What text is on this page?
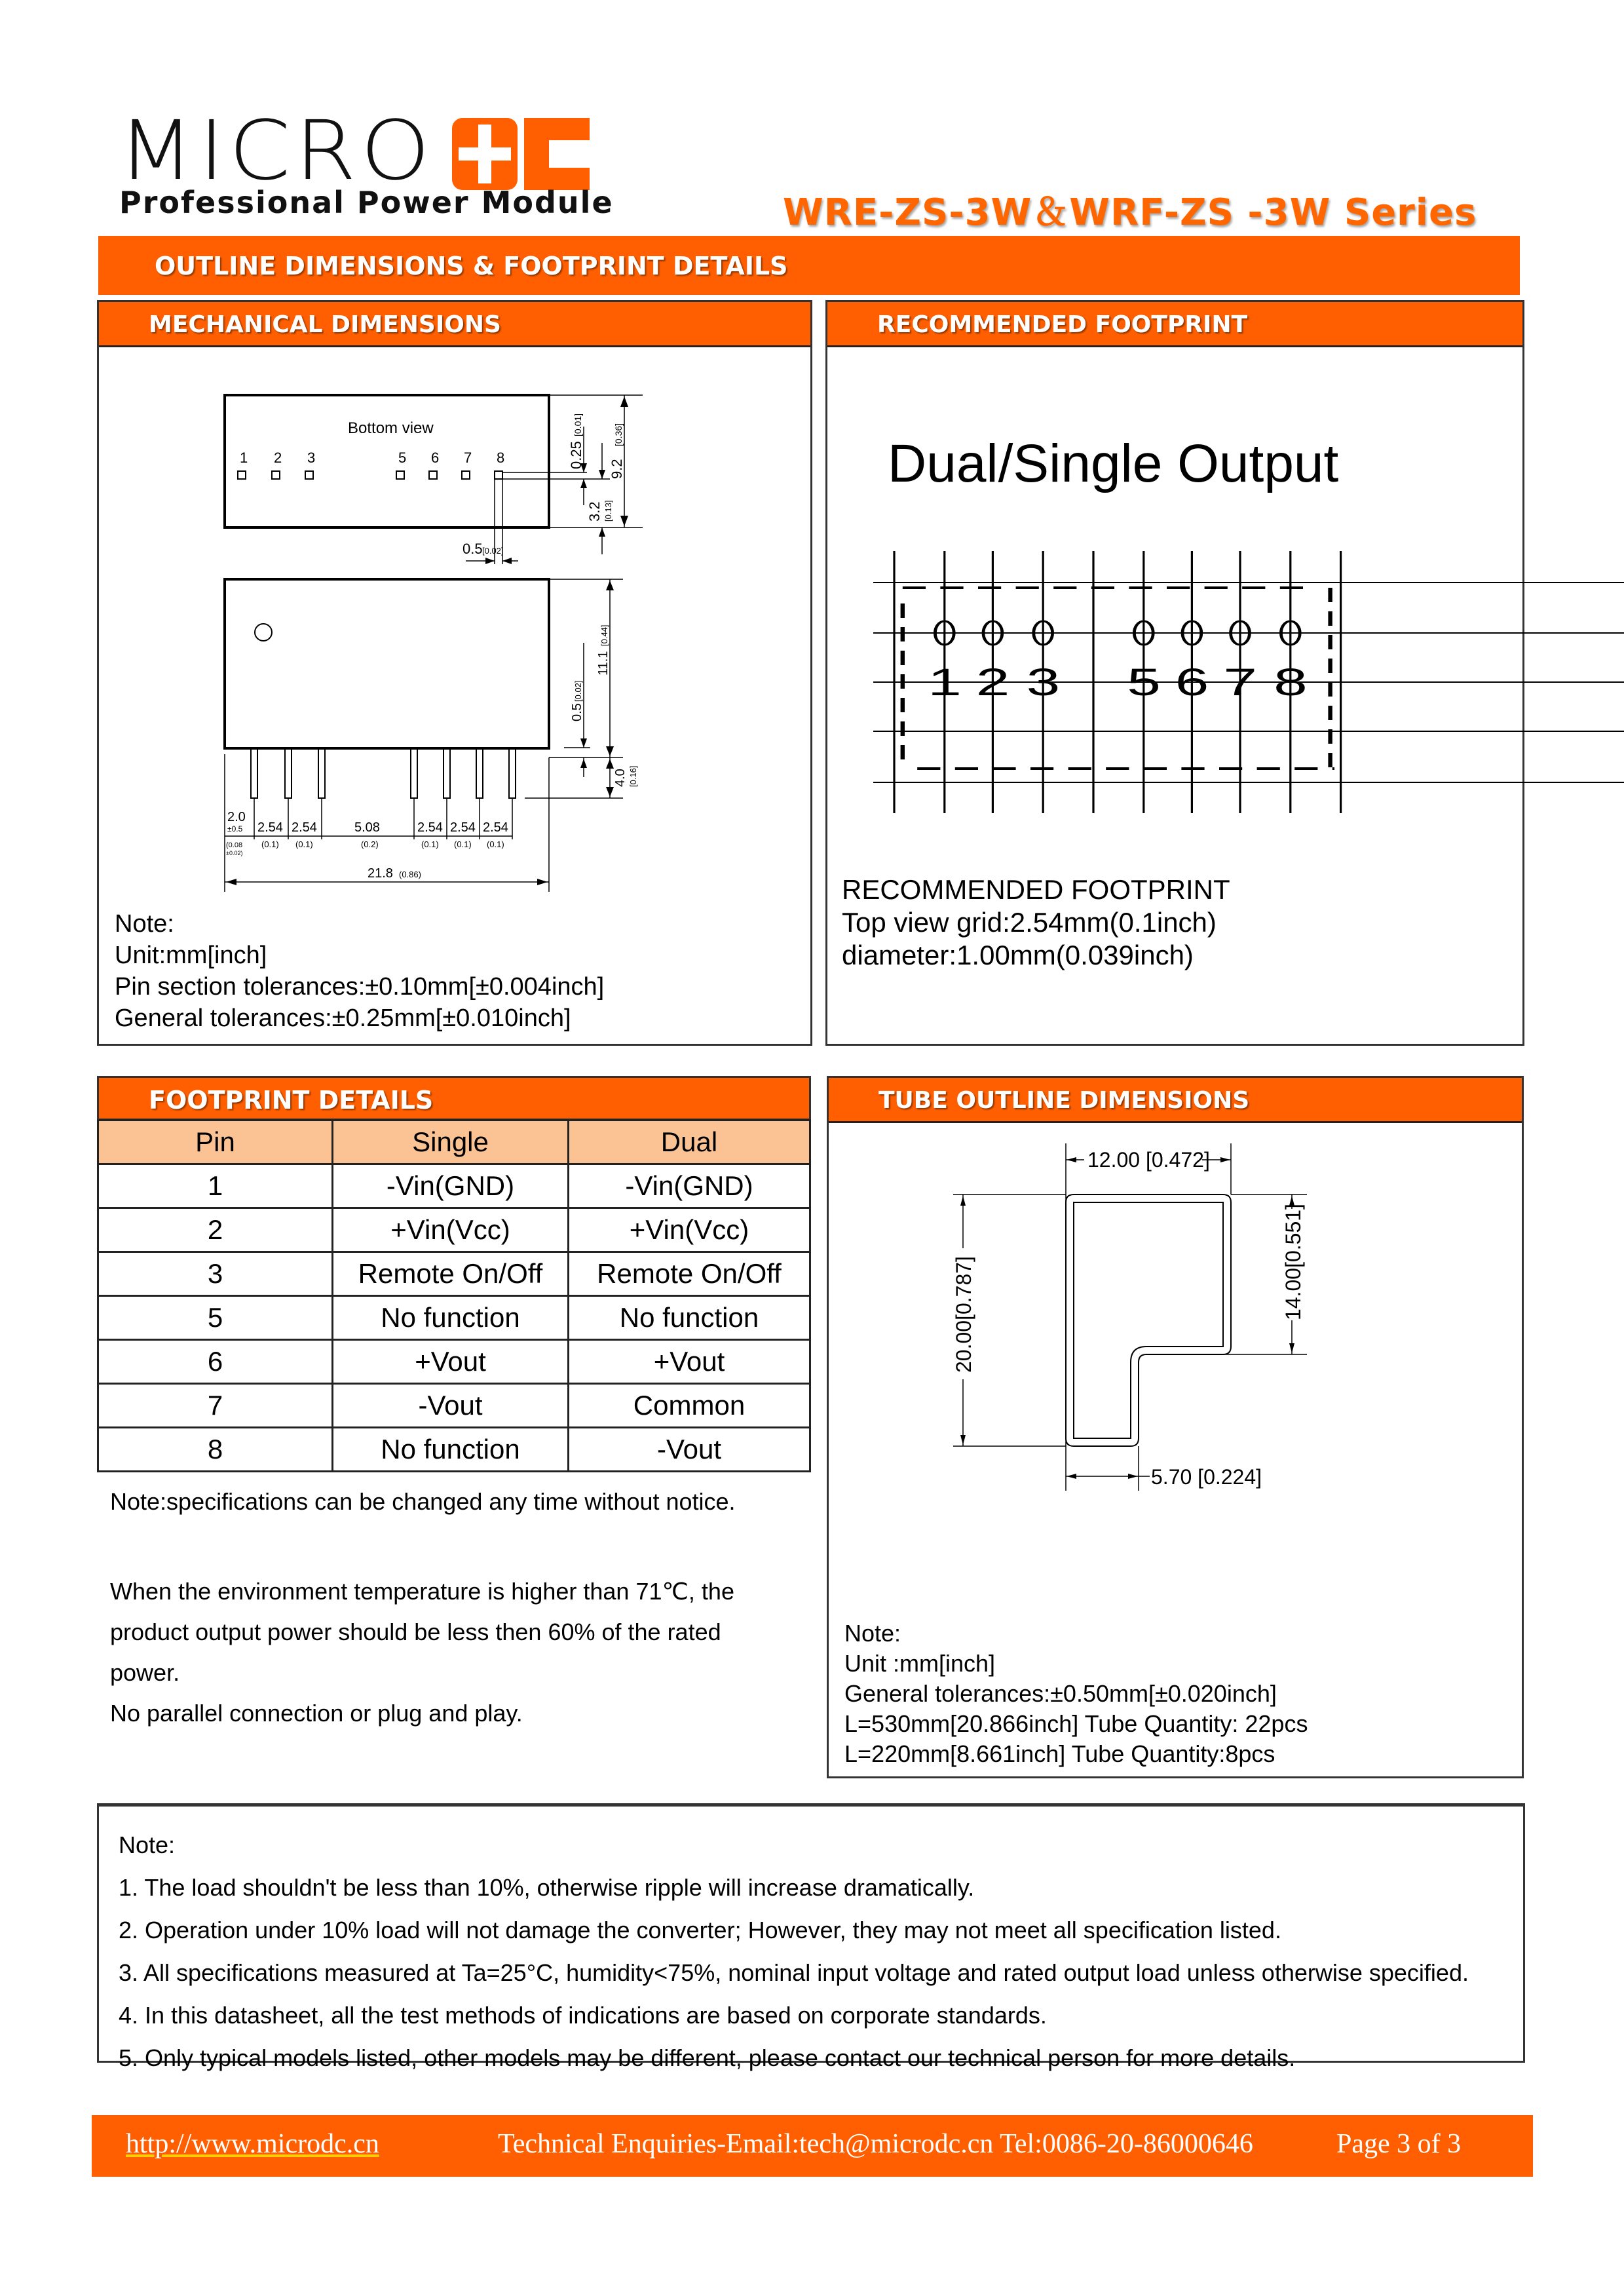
MICRO
Professional Power Module	WRE-ZS-3W＆WRF-ZS -3W Series
OUTLINE DIMENSIONS & FOOTPRINT DETAILS
MECHANICAL DIMENSIONS
Bottom view
1 2 3	5 6 7 8	0.25
[0.01]
3.2 [0.13]
9.2
[0.36]
0.5 [0.02]
11.1
[0.44]
0.5
[0.02]
4.0 [0.16]
2.0
±0.5
(0.08
±0.02)
2.54
(0.1)
2.54
(0.1)
5.08
(0.2)
2.54
(0.1)
2.54
(0.1)
2.54
(0.1)
21.8 (0.86)
Note:
Unit:mm[inch]
Pin section tolerances:±0.10mm[±0.004inch]
General tolerances:±0.25mm[±0.010inch]
RECOMMENDED FOOTPRINT
Dual/Single Output
1 2 3 5 6 7 8
RECOMMENDED FOOTPRINT
Top view grid:2.54mm(0.1inch)
diameter:1.00mm(0.039inch)
FOOTPRINT DETAILS
Pin	Single	Dual
1	-Vin(GND)	-Vin(GND)
2	+Vin(Vcc)	+Vin(Vcc)
3	Remote On/Off	Remote On/Off
5	No function	No function
6	+Vout	+Vout
7	-Vout	Common
8	No function	-Vout
Note:specifications can be changed any time without notice.
When the environment temperature is higher than 71℃, the
product output power should be less then 60% of the rated
power.
No parallel connection or plug and play.
TUBE OUTLINE DIMENSIONS
12.00 [0.472]
20.00[0.787]	14.00[0.551]
5.70 [0.224]
Note:
Unit :mm[inch]
General tolerances:±0.50mm[±0.020inch]
L=530mm[20.866inch] Tube Quantity: 22pcs
L=220mm[8.661inch] Tube Quantity:8pcs
Note:
1. The load shouldn't be less than 10%, otherwise ripple will increase dramatically.
2. Operation under 10% load will not damage the converter; However, they may not meet all specification listed.
3. All specifications measured at Ta=25°C, humidity<75%, nominal input voltage and rated output load unless otherwise specified.
4. In this datasheet, all the test methods of indications are based on corporate standards.
5. Only typical models listed, other models may be different, please contact our technical person for more details.
http://www.microdc.cn	Technical Enquiries-Email:tech@microdc.cn Tel:0086-20-86000646	Page 3 of 3
